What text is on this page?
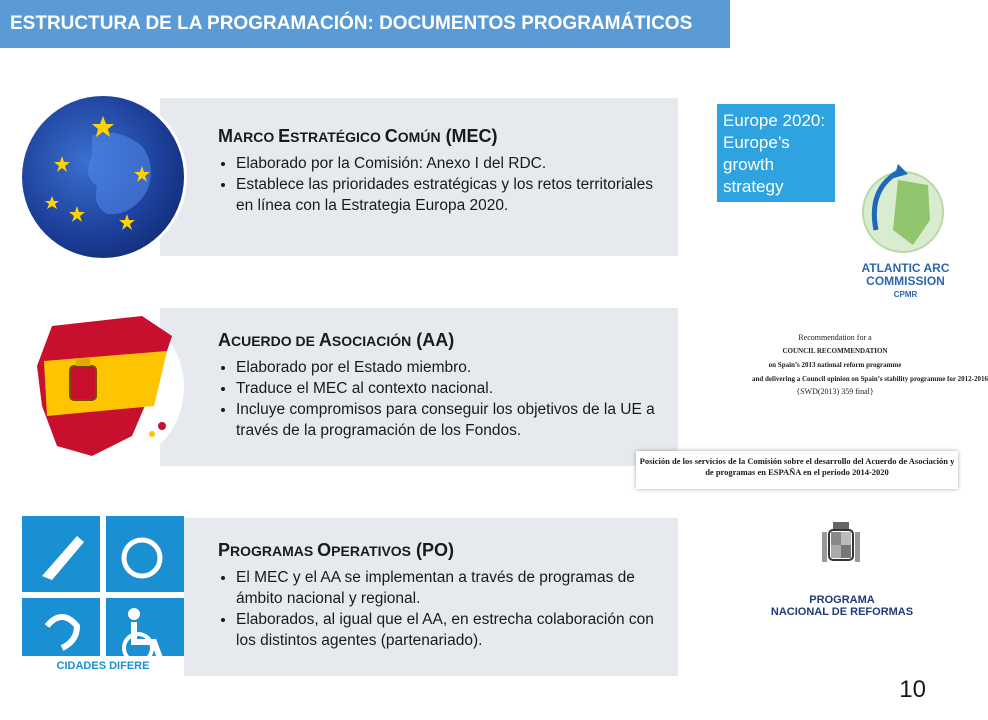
ESTRUCTURA DE LA PROGRAMACIÓN: DOCUMENTOS PROGRAMÁTICOS
MARCO ESTRATÉGICO COMÚN (MEC)
• Elaborado por la Comisión: Anexo I del RDC.
• Establece las prioridades estratégicas y los retos territoriales en línea con la Estrategia Europa 2020.
ACUERDO DE ASOCIACIÓN (AA)
• Elaborado por el Estado miembro.
• Traduce el MEC al contexto nacional.
• Incluye compromisos para conseguir los objetivos de la UE a través de la programación de los Fondos.
PROGRAMAS OPERATIVOS (PO)
• El MEC y el AA se implementan a través de programas de ámbito nacional y regional.
• Elaborados, al igual que el AA, en estrecha colaboración con los distintos agentes (partenariado).
CIDADES DIFERE
Europe 2020:
Europe’s
growth
strategy
ATLANTIC ARC
COMMISSION
CPMR
Recommendation for a
COUNCIL RECOMMENDATION
on Spain’s 2013 national reform programme
and delivering a Council opinion on Spain’s stability programme for 2012-2016
{SWD(2013) 359 final}
Posición de los servicios de la Comisión sobre el desarrollo del Acuerdo de Asociación y de programas en ESPAÑA en el periodo 2014-2020
PROGRAMA
NACIONAL DE REFORMAS
10
